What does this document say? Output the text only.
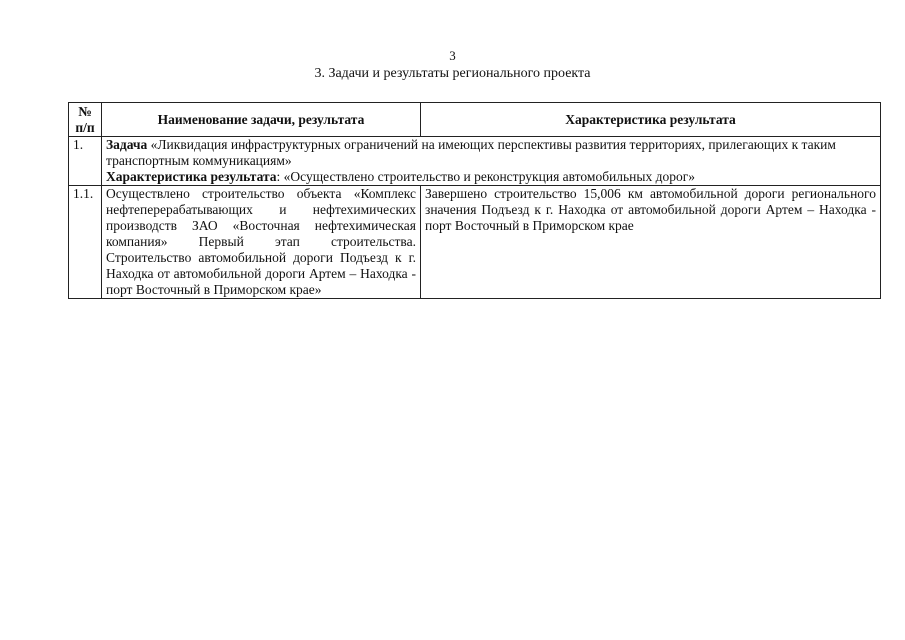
3
3. Задачи и результаты регионального проекта
№ п/п	Наименование задачи, результата	Характеристика результата
1.	Задача «Ликвидация инфраструктурных ограничений на имеющих перспективы развития территориях, прилегающих к таким транспортным коммуникациям»
Характеристика результата: «Осуществлено строительство и реконструкция автомобильных дорог»	
1.1.	Осуществлено строительство объекта «Комплекс нефтеперерабатывающих и нефтехимических производств ЗАО «Восточная нефтехимическая компания» Первый этап строительства. Строительство автомобильной дороги Подъезд к г. Находка от автомобильной дороги Артем – Находка - порт Восточный в Приморском крае»	Завершено строительство 15,006 км автомобильной дороги регионального значения Подъезд к г. Находка от автомобильной дороги Артем – Находка - порт Восточный в Приморском крае
